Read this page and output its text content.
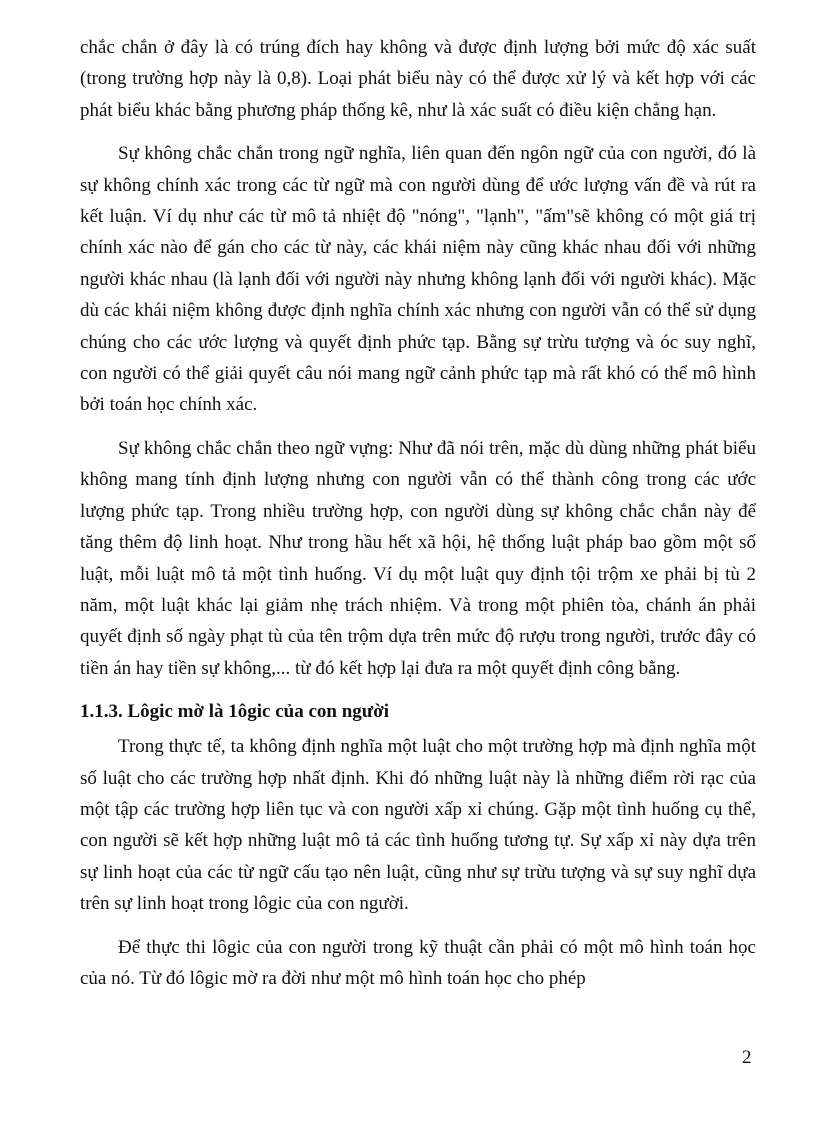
chắc chắn ở đây là có trúng đích hay không và được định lượng bởi mức độ xác suất (trong trường hợp này là 0,8). Loại phát biểu này có thể được xử lý và kết hợp với các phát biểu khác bằng phương pháp thống kê, như là xác suất có điều kiện chẳng hạn.

Sự không chắc chắn trong ngữ nghĩa, liên quan đến ngôn ngữ của con người, đó là sự không chính xác trong các từ ngữ mà con người dùng để ước lượng vấn đề và rút ra kết luận. Ví dụ như các từ mô tả nhiệt độ "nóng", "lạnh", "ấm"sẽ không có một giá trị chính xác nào để gán cho các từ này, các khái niệm này cũng khác nhau đối với những người khác nhau (là lạnh đối với người này nhưng không lạnh đối với người khác). Mặc dù các khái niệm không được định nghĩa chính xác nhưng con người vẫn có thể sử dụng chúng cho các ước lượng và quyết định phức tạp. Bằng sự trừu tượng và óc suy nghĩ, con người có thể giải quyết câu nói mang ngữ cảnh phức tạp mà rất khó có thể mô hình bởi toán học chính xác.

Sự không chắc chắn theo ngữ vựng: Như đã nói trên, mặc dù dùng những phát biểu không mang tính định lượng nhưng con người vẫn có thể thành công trong các ước lượng phức tạp. Trong nhiều trường hợp, con người dùng sự không chắc chắn này để tăng thêm độ linh hoạt. Như trong hầu hết xã hội, hệ thống luật pháp bao gồm một số luật, mỗi luật mô tả một tình huống. Ví dụ một luật quy định tội trộm xe phải bị tù 2 năm, một luật khác lại giảm nhẹ trách nhiệm. Và trong một phiên tòa, chánh án phải quyết định số ngày phạt tù của tên trộm dựa trên mức độ rượu trong người, trước đây có tiền án hay tiền sự không,... từ đó kết hợp lại đưa ra một quyết định công bằng.

1.1.3. Lôgic mờ là 1ôgic của con người

Trong thực tế, ta không định nghĩa một luật cho một trường hợp mà định nghĩa một số luật cho các trường hợp nhất định. Khi đó những luật này là những điểm rời rạc của một tập các trường hợp liên tục và con người xấp xỉ chúng. Gặp một tình huống cụ thể, con người sẽ kết hợp những luật mô tả các tình huống tương tự. Sự xấp xỉ này dựa trên sự linh hoạt của các từ ngữ cấu tạo nên luật, cũng như sự trừu tượng và sự suy nghĩ dựa trên sự linh hoạt trong lôgic của con người.

Để thực thi lôgic của con người trong kỹ thuật cần phải có một mô hình toán học của nó. Từ đó lôgic mờ ra đời như một mô hình toán học cho phép

2
